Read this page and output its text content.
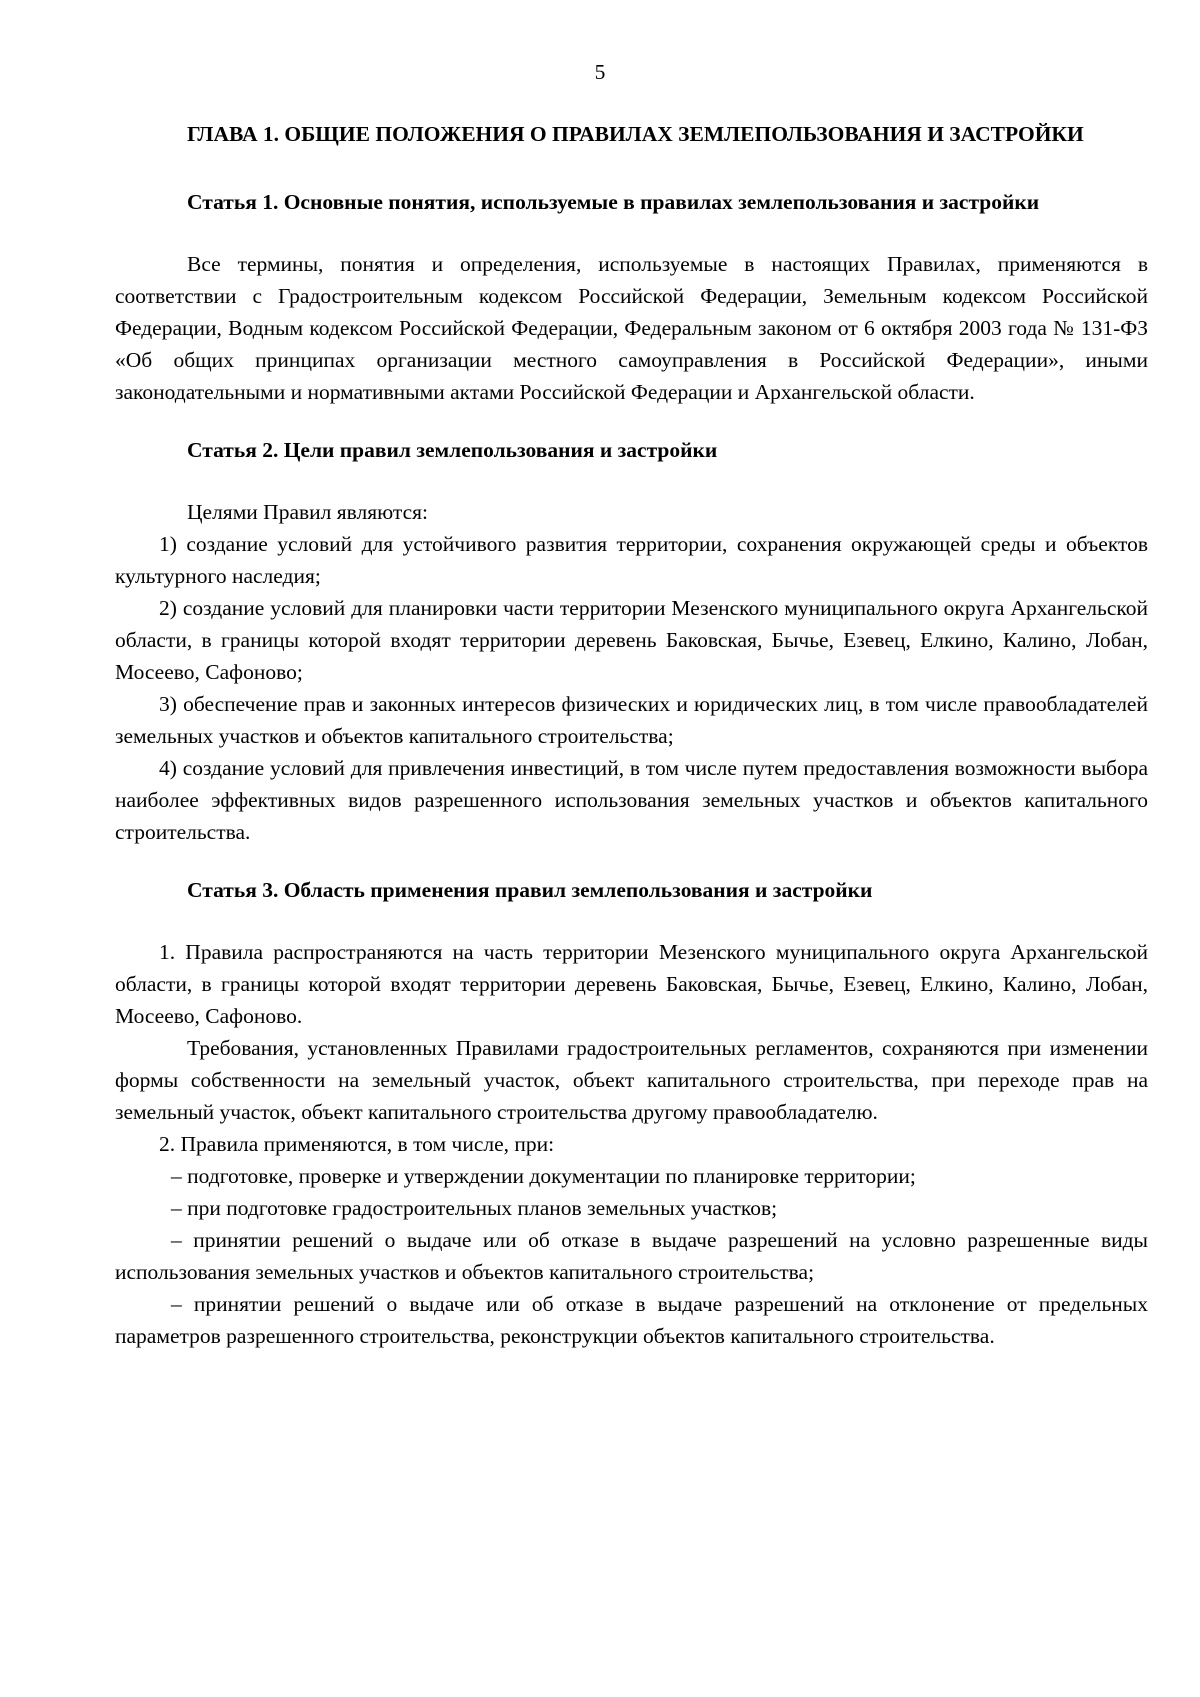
5

ГЛАВА 1. ОБЩИЕ ПОЛОЖЕНИЯ О ПРАВИЛАХ ЗЕМЛЕПОЛЬЗОВАНИЯ И ЗАСТРОЙКИ

Статья 1. Основные понятия, используемые в правилах землепользования и застройки

Все термины, понятия и определения, используемые в настоящих Правилах, применяются в соответствии с Градостроительным кодексом Российской Федерации, Земельным кодексом Российской Федерации, Водным кодексом Российской Федерации, Федеральным законом от 6 октября 2003 года № 131-ФЗ «Об общих принципах организации местного самоуправления в Российской Федерации», иными законодательными и нормативными актами Российской Федерации и Архангельской области.

Статья 2. Цели правил землепользования и застройки

Целями Правил являются:

1) создание условий для устойчивого развития территории, сохранения окружающей среды и объектов культурного наследия;

2) создание условий для планировки части территории Мезенского муниципального округа Архангельской области, в границы которой входят территории деревень Баковская, Бычье, Езевец, Елкино, Калино, Лобан, Мосеево, Сафоново;

3) обеспечение прав и законных интересов физических и юридических лиц, в том числе правообладателей земельных участков и объектов капитального строительства;

4) создание условий для привлечения инвестиций, в том числе путем предоставления возможности выбора наиболее эффективных видов разрешенного использования земельных участков и объектов капитального строительства.

Статья 3. Область применения правил землепользования и застройки

1. Правила распространяются на часть территории Мезенского муниципального округа Архангельской области, в границы которой входят территории деревень Баковская, Бычье, Езевец, Елкино, Калино, Лобан, Мосеево, Сафоново.

Требования, установленных Правилами градостроительных регламентов, сохраняются при изменении формы собственности на земельный участок, объект капитального строительства, при переходе прав на земельный участок, объект капитального строительства другому правообладателю.

2. Правила применяются, в том числе, при:

– подготовке, проверке и утверждении документации по планировке территории;

– при подготовке градостроительных планов земельных участков;

– принятии решений о выдаче или об отказе в выдаче разрешений на условно разрешенные виды использования земельных участков и объектов капитального строительства;

– принятии решений о выдаче или об отказе в выдаче разрешений на отклонение от предельных параметров разрешенного строительства, реконструкции объектов капитального строительства.
